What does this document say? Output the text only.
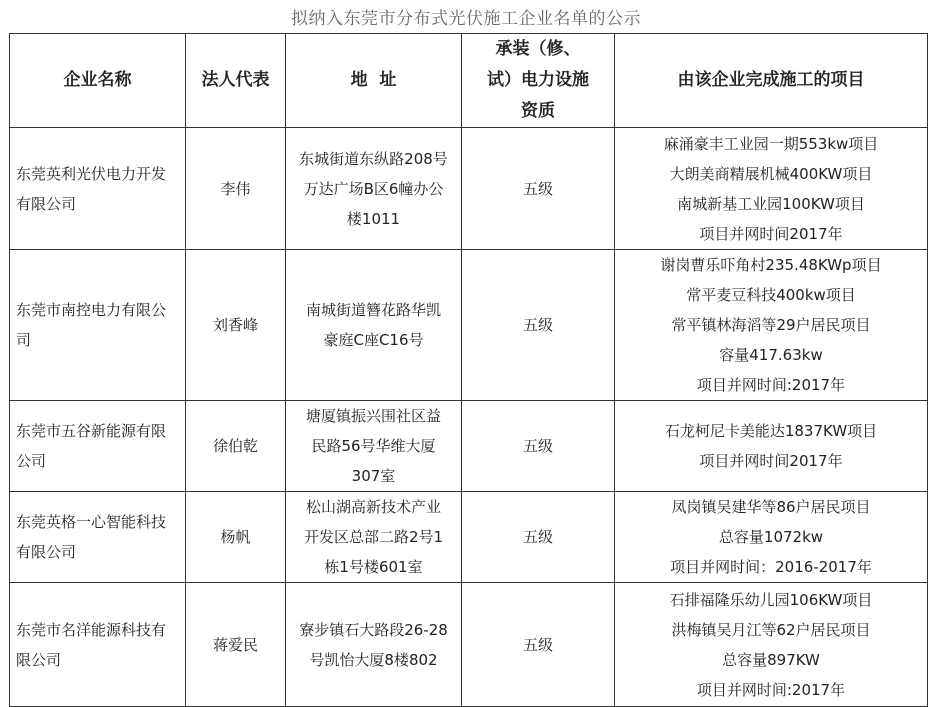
拟纳入东莞市分布式光伏施工企业名单的公示
企业名称	法人代表	地  址	承装（修、
试）电力设施
资质	由该企业完成施工的项目

东莞英利光伏电力开发
有限公司	李伟	东城街道东纵路208号
万达广场B区6幢办公
楼1011	五级	麻涌豪丰工业园一期553kw项目
大朗美商精展机械400KW项目
南城新基工业园100KW项目
项目并网时间2017年

东莞市南控电力有限公
司	刘香峰	南城街道簪花路华凯
豪庭C座C16号	五级	谢岗曹乐吓角村235.48KWp项目
常平麦豆科技400kw项目
常平镇林海滔等29户居民项目
容量417.63kw
项目并网时间:2017年

东莞市五谷新能源有限
公司	徐伯乾	塘厦镇振兴围社区益
民路56号华维大厦
307室	五级	石龙柯尼卡美能达1837KW项目
项目并网时间2017年

东莞英格一心智能科技
有限公司	杨帆	松山湖高新技术产业
开发区总部二路2号1
栋1号楼601室	五级	凤岗镇吴建华等86户居民项目
总容量1072kw
项目并网时间：2016-2017年

东莞市名洋能源科技有
限公司	蒋爱民	寮步镇石大路段26-28
号凯怡大厦8楼802	五级	石排福隆乐幼儿园106KW项目
洪梅镇吴月江等62户居民项目
总容量897KW
项目并网时间:2017年
